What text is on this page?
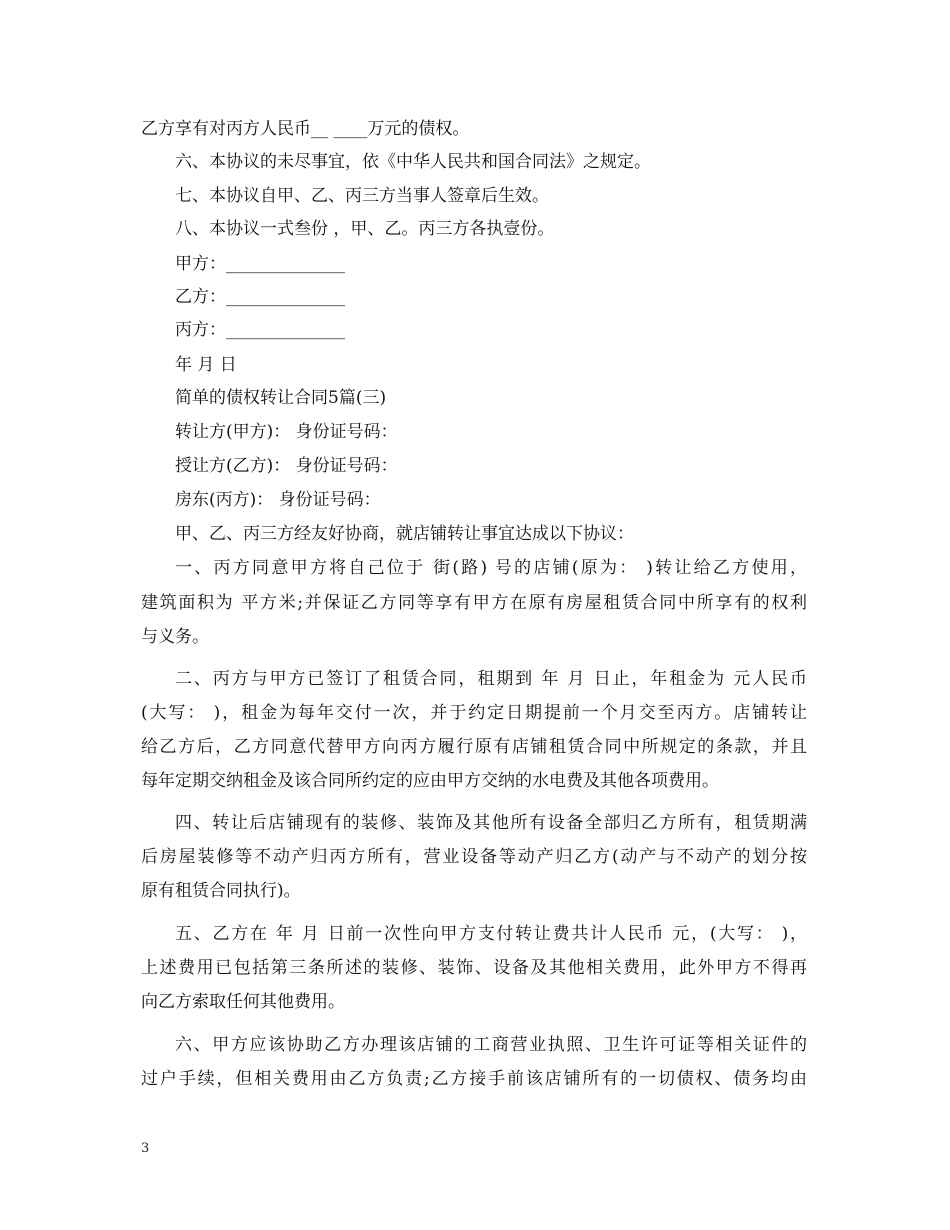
乙方享有对丙方人民币__ ____万元的债权。
六、本协议的未尽事宜，依《中华人民共和国合同法》之规定。
七、本协议自甲、乙、丙三方当事人签章后生效。
八、本协议一式叁份 ，甲、乙。丙三方各执壹份。
甲方：______________
乙方：______________
丙方：______________
年 月 日
简单的债权转让合同5篇(三)
转让方(甲方)： 身份证号码：
授让方(乙方)： 身份证号码：
房东(丙方)： 身份证号码：
甲、乙、丙三方经友好协商，就店铺转让事宜达成以下协议：
一、丙方同意甲方将自己位于 街(路) 号的店铺(原为： )转让给乙方使用，
建筑面积为 平方米;并保证乙方同等享有甲方在原有房屋租赁合同中所享有的权利
与义务。
二、丙方与甲方已签订了租赁合同，租期到 年 月 日止，年租金为 元人民币
(大写： )，租金为每年交付一次，并于约定日期提前一个月交至丙方。店铺转让
给乙方后，乙方同意代替甲方向丙方履行原有店铺租赁合同中所规定的条款，并且
每年定期交纳租金及该合同所约定的应由甲方交纳的水电费及其他各项费用。
四、转让后店铺现有的装修、装饰及其他所有设备全部归乙方所有，租赁期满
后房屋装修等不动产归丙方所有，营业设备等动产归乙方(动产与不动产的划分按
原有租赁合同执行)。
五、乙方在 年 月 日前一次性向甲方支付转让费共计人民币 元，(大写： )，
上述费用已包括第三条所述的装修、装饰、设备及其他相关费用，此外甲方不得再
向乙方索取任何其他费用。
六、甲方应该协助乙方办理该店铺的工商营业执照、卫生许可证等相关证件的
过户手续，但相关费用由乙方负责;乙方接手前该店铺所有的一切债权、债务均由
3
